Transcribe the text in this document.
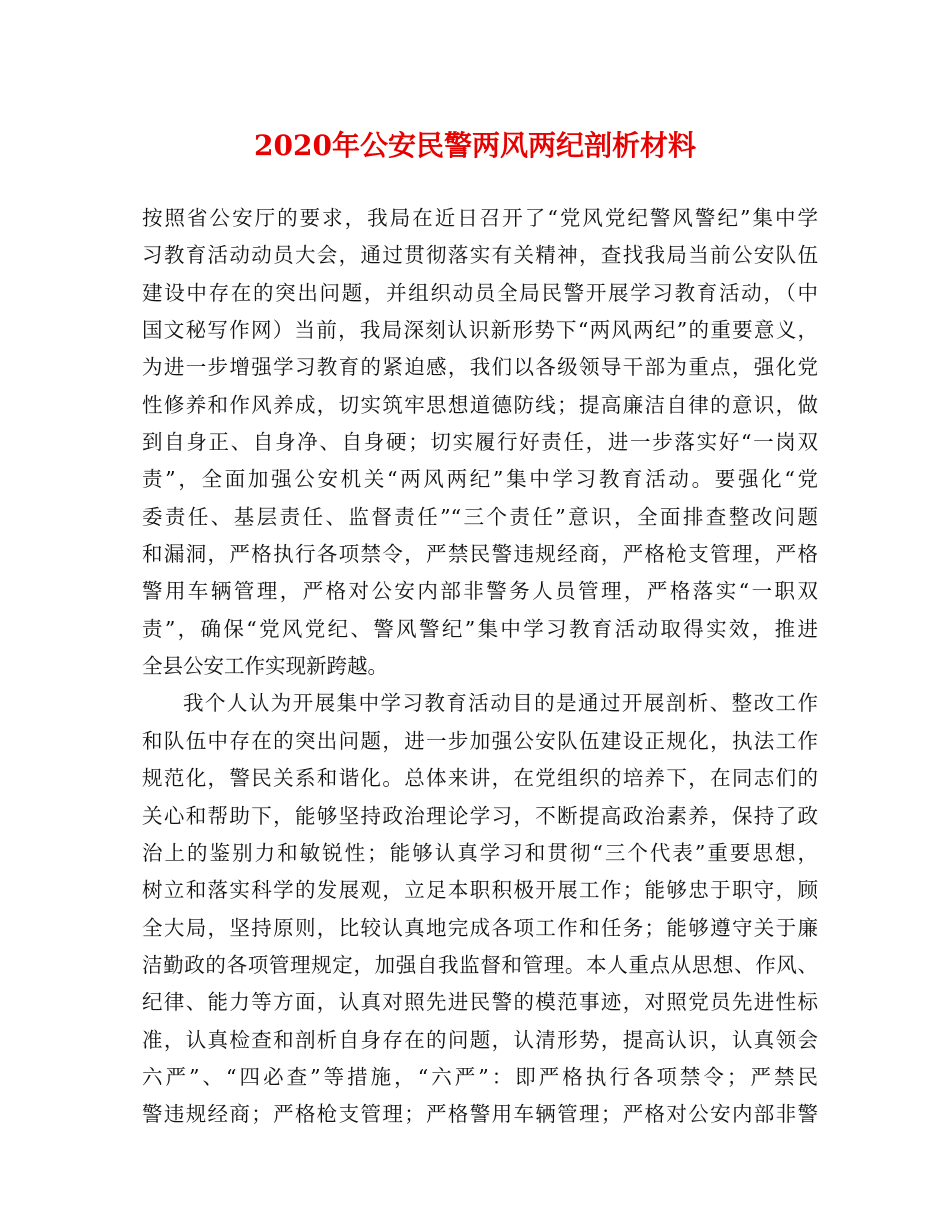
2020年公安民警两风两纪剖析材料
按照省公安厅的要求，我局在近日召开了“党风党纪警风警纪”集中学
习教育活动动员大会，通过贯彻落实有关精神，查找我局当前公安队伍
建设中存在的突出问题，并组织动员全局民警开展学习教育活动，（中
国文秘写作网）当前，我局深刻认识新形势下“两风两纪”的重要意义，
为进一步增强学习教育的紧迫感，我们以各级领导干部为重点，强化党
性修养和作风养成，切实筑牢思想道德防线；提高廉洁自律的意识，做
到自身正、自身净、自身硬；切实履行好责任，进一步落实好“一岗双
责”，全面加强公安机关“两风两纪”集中学习教育活动。要强化“党
委责任、基层责任、监督责任”“三个责任”意识，全面排查整改问题
和漏洞，严格执行各项禁令，严禁民警违规经商，严格枪支管理，严格
警用车辆管理，严格对公安内部非警务人员管理，严格落实“一职双
责”，确保“党风党纪、警风警纪”集中学习教育活动取得实效，推进
全县公安工作实现新跨越。
我个人认为开展集中学习教育活动目的是通过开展剖析、整改工作
和队伍中存在的突出问题，进一步加强公安队伍建设正规化，执法工作
规范化，警民关系和谐化。总体来讲，在党组织的培养下，在同志们的
关心和帮助下，能够坚持政治理论学习，不断提高政治素养，保持了政
治上的鉴别力和敏锐性；能够认真学习和贯彻“三个代表”重要思想，
树立和落实科学的发展观，立足本职积极开展工作；能够忠于职守，顾
全大局，坚持原则，比较认真地完成各项工作和任务；能够遵守关于廉
洁勤政的各项管理规定，加强自我监督和管理。本人重点从思想、作风、
纪律、能力等方面，认真对照先进民警的模范事迹，对照党员先进性标
准，认真检查和剖析自身存在的问题，认清形势，提高认识，认真领会
六严”、“四必查”等措施，“六严”：即严格执行各项禁令；严禁民
警违规经商；严格枪支管理；严格警用车辆管理；严格对公安内部非警
